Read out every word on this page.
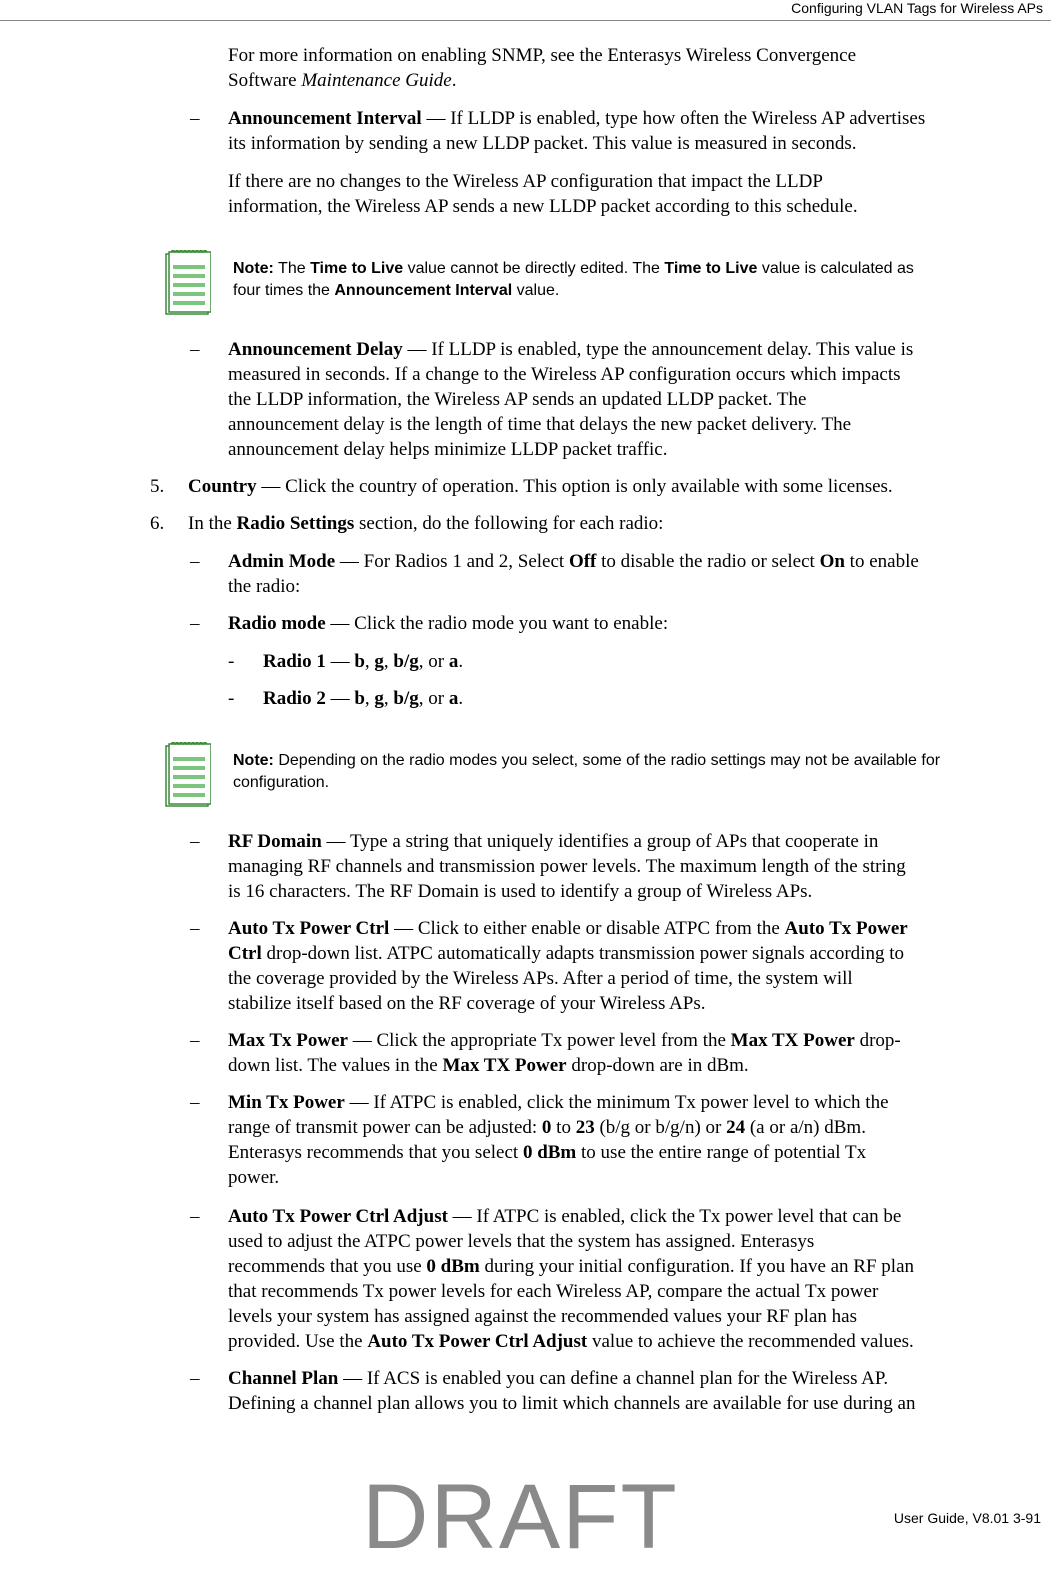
Configuring VLAN Tags for Wireless APs
For more information on enabling SNMP, see the Enterasys Wireless Convergence
Software Maintenance Guide.
– Announcement Interval — If LLDP is enabled, type how often the Wireless AP advertises
its information by sending a new LLDP packet. This value is measured in seconds.
If there are no changes to the Wireless AP configuration that impact the LLDP
information, the Wireless AP sends a new LLDP packet according to this schedule.
Note: The Time to Live value cannot be directly edited. The Time to Live value is calculated as
four times the Announcement Interval value.
– Announcement Delay — If LLDP is enabled, type the announcement delay. This value is
measured in seconds. If a change to the Wireless AP configuration occurs which impacts
the LLDP information, the Wireless AP sends an updated LLDP packet. The
announcement delay is the length of time that delays the new packet delivery. The
announcement delay helps minimize LLDP packet traffic.
5. Country — Click the country of operation. This option is only available with some licenses.
6. In the Radio Settings section, do the following for each radio:
– Admin Mode — For Radios 1 and 2, Select Off to disable the radio or select On to enable
the radio:
– Radio mode — Click the radio mode you want to enable:
- Radio 1 — b, g, b/g, or a.
- Radio 2 — b, g, b/g, or a.
Note: Depending on the radio modes you select, some of the radio settings may not be available for
configuration.
– RF Domain — Type a string that uniquely identifies a group of APs that cooperate in
managing RF channels and transmission power levels. The maximum length of the string
is 16 characters. The RF Domain is used to identify a group of Wireless APs.
– Auto Tx Power Ctrl — Click to either enable or disable ATPC from the Auto Tx Power
Ctrl drop-down list. ATPC automatically adapts transmission power signals according to
the coverage provided by the Wireless APs. After a period of time, the system will
stabilize itself based on the RF coverage of your Wireless APs.
– Max Tx Power — Click the appropriate Tx power level from the Max TX Power drop-
down list. The values in the Max TX Power drop-down are in dBm.
– Min Tx Power — If ATPC is enabled, click the minimum Tx power level to which the
range of transmit power can be adjusted: 0 to 23 (b/g or b/g/n) or 24 (a or a/n) dBm.
Enterasys recommends that you select 0 dBm to use the entire range of potential Tx
power.
– Auto Tx Power Ctrl Adjust — If ATPC is enabled, click the Tx power level that can be
used to adjust the ATPC power levels that the system has assigned. Enterasys
recommends that you use 0 dBm during your initial configuration. If you have an RF plan
that recommends Tx power levels for each Wireless AP, compare the actual Tx power
levels your system has assigned against the recommended values your RF plan has
provided. Use the Auto Tx Power Ctrl Adjust value to achieve the recommended values.
– Channel Plan — If ACS is enabled you can define a channel plan for the Wireless AP.
Defining a channel plan allows you to limit which channels are available for use during an
User Guide, V8.01 3-91
DRAFT
